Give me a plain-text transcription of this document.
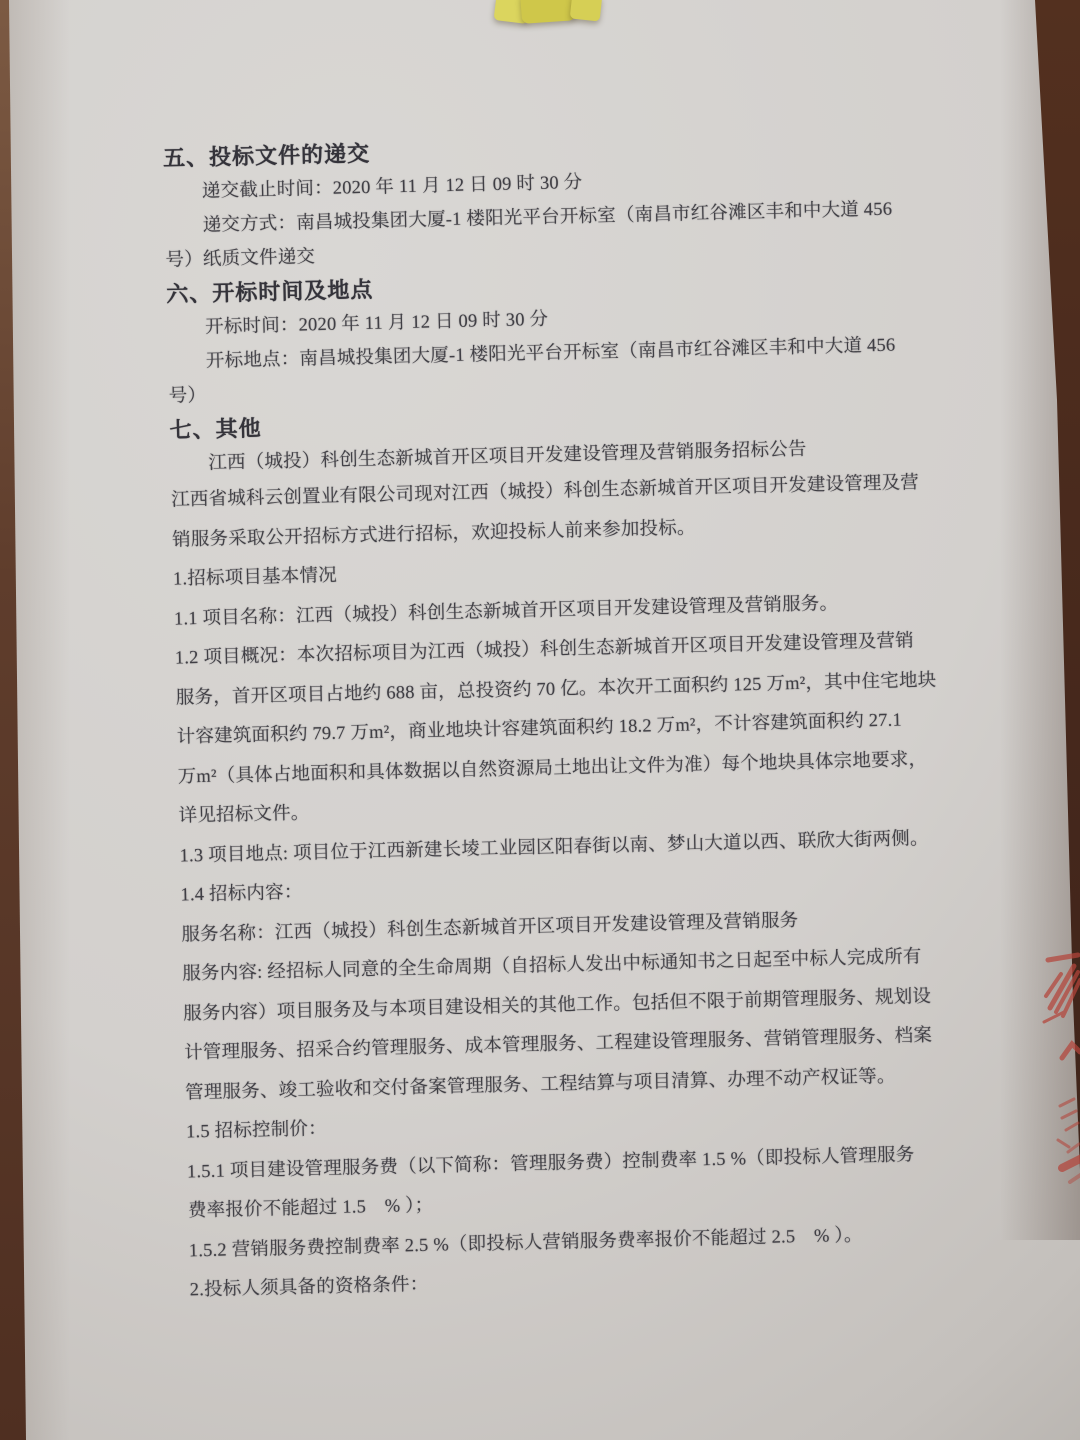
五、投标文件的递交
递交截止时间：2020 年 11 月 12 日 09 时 30 分
递交方式：南昌城投集团大厦-1 楼阳光平台开标室（南昌市红谷滩区丰和中大道 456
号）纸质文件递交
六、开标时间及地点
开标时间：2020 年 11 月 12 日 09 时 30 分
开标地点：南昌城投集团大厦-1 楼阳光平台开标室（南昌市红谷滩区丰和中大道 456
号）
七、其他
江西（城投）科创生态新城首开区项目开发建设管理及营销服务招标公告
江西省城科云创置业有限公司现对江西（城投）科创生态新城首开区项目开发建设管理及营
销服务采取公开招标方式进行招标，欢迎投标人前来参加投标。
1.招标项目基本情况
1.1 项目名称：江西（城投）科创生态新城首开区项目开发建设管理及营销服务。
1.2 项目概况：本次招标项目为江西（城投）科创生态新城首开区项目开发建设管理及营销
服务，首开区项目占地约 688 亩，总投资约 70 亿。本次开工面积约 125 万m²，其中住宅地块
计容建筑面积约 79.7 万m²，商业地块计容建筑面积约 18.2 万m²，不计容建筑面积约 27.1
万m²（具体占地面积和具体数据以自然资源局土地出让文件为准）每个地块具体宗地要求，
详见招标文件。
1.3 项目地点: 项目位于江西新建长堎工业园区阳春街以南、梦山大道以西、联欣大街两侧。
1.4 招标内容：
服务名称：江西（城投）科创生态新城首开区项目开发建设管理及营销服务
服务内容: 经招标人同意的全生命周期（自招标人发出中标通知书之日起至中标人完成所有
服务内容）项目服务及与本项目建设相关的其他工作。包括但不限于前期管理服务、规划设
计管理服务、招采合约管理服务、成本管理服务、工程建设管理服务、营销管理服务、档案
管理服务、竣工验收和交付备案管理服务、工程结算与项目清算、办理不动产权证等。
1.5 招标控制价：
1.5.1 项目建设管理服务费（以下简称：管理服务费）控制费率 1.5 %（即投标人管理服务
费率报价不能超过 1.5　% ）；
1.5.2 营销服务费控制费率 2.5 %（即投标人营销服务费率报价不能超过 2.5　% ）。
2.投标人须具备的资格条件：
